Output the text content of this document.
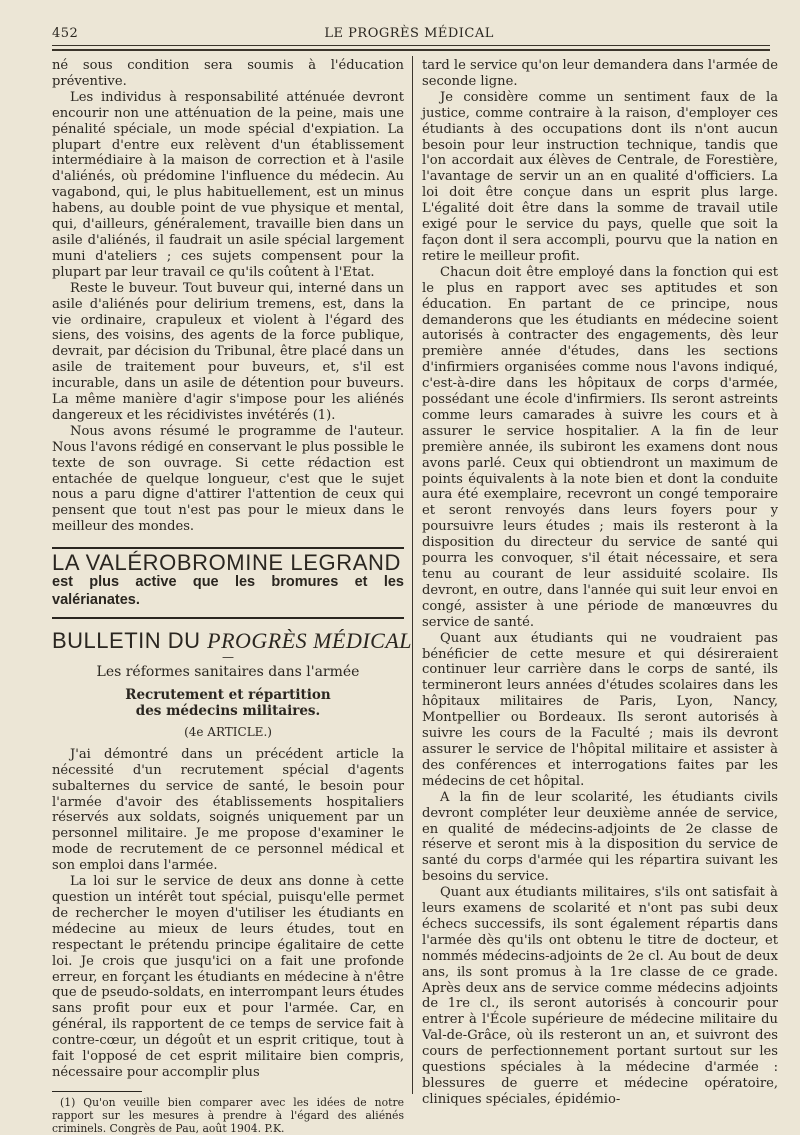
452	LE PROGRÈS MÉDICAL

né sous condition sera soumis à l'éducation préventive.

Les individus à responsabilité atténuée devront encourir non une atténuation de la peine, mais une pénalité spéciale, un mode spécial d'expiation. La plupart d'entre eux relèvent d'un établissement intermédiaire à la maison de correction et à l'asile d'aliénés, où prédomine l'influence du médecin. Au vagabond, qui, le plus habituellement, est un minus habens, au double point de vue physique et mental, qui, d'ailleurs, généralement, travaille bien dans un asile d'aliénés, il faudrait un asile spécial largement muni d'ateliers ; ces sujets compensent pour la plupart par leur travail ce qu'ils coûtent à l'Etat.

Reste le buveur. Tout buveur qui, interné dans un asile d'aliénés pour delirium tremens, est, dans la vie ordinaire, crapuleux et violent à l'égard des siens, des voisins, des agents de la force publique, devrait, par décision du Tribunal, être placé dans un asile de traitement pour buveurs, et, s'il est incurable, dans un asile de détention pour buveurs. La même manière d'agir s'impose pour les aliénés dangereux et les récidivistes invétérés (1).

Nous avons résumé le programme de l'auteur. Nous l'avons rédigé en conservant le plus possible le texte de son ouvrage. Si cette rédaction est entachée de quelque longueur, c'est que le sujet nous a paru digne d'attirer l'attention de ceux qui pensent que tout n'est pas pour le mieux dans le meilleur des mondes.

LA VALÉROBROMINE LEGRAND

est plus active que les bromures et les valérianates.

BULLETIN DU PROGRÈS MÉDICAL
—
Les réformes sanitaires dans l'armée
Recrutement et répartition
des médecins militaires.
(4e ARTICLE.)

J'ai démontré dans un précédent article la nécessité d'un recrutement spécial d'agents subalternes du service de santé, le besoin pour l'armée d'avoir des établissements hospitaliers réservés aux soldats, soignés uniquement par un personnel militaire. Je me propose d'examiner le mode de recrutement de ce personnel médical et son emploi dans l'armée.

La loi sur le service de deux ans donne à cette question un intérêt tout spécial, puisqu'elle permet de rechercher le moyen d'utiliser les étudiants en médecine au mieux de leurs études, tout en respectant le prétendu principe égalitaire de cette loi. Je crois que jusqu'ici on a fait une profonde erreur, en forçant les étudiants en médecine à n'être que de pseudo-soldats, en interrompant leurs études sans profit pour eux et pour l'armée. Car, en général, ils rapportent de ce temps de service fait à contre-cœur, un dégoût et un esprit critique, tout à fait l'opposé de cet esprit militaire bien compris, nécessaire pour accomplir plus

(1) Qu'on veuille bien comparer avec les idées de notre rapport sur les mesures à prendre à l'égard des aliénés criminels. Congrès de Pau, août 1904. P.K.

tard le service qu'on leur demandera dans l'armée de seconde ligne.

Je considère comme un sentiment faux de la justice, comme contraire à la raison, d'employer ces étudiants à des occupations dont ils n'ont aucun besoin pour leur instruction technique, tandis que l'on accordait aux élèves de Centrale, de Forestière, l'avantage de servir un an en qualité d'officiers. La loi doit être conçue dans un esprit plus large. L'égalité doit être dans la somme de travail utile exigé pour le service du pays, quelle que soit la façon dont il sera accompli, pourvu que la nation en retire le meilleur profit.

Chacun doit être employé dans la fonction qui est le plus en rapport avec ses aptitudes et son éducation. En partant de ce principe, nous demanderons que les étudiants en médecine soient autorisés à contracter des engagements, dès leur première année d'études, dans les sections d'infirmiers organisées comme nous l'avons indiqué, c'est-à-dire dans les hôpitaux de corps d'armée, possédant une école d'infirmiers. Ils seront astreints comme leurs camarades à suivre les cours et à assurer le service hospitalier. A la fin de leur première année, ils subiront les examens dont nous avons parlé. Ceux qui obtiendront un maximum de points équivalents à la note bien et dont la conduite aura été exemplaire, recevront un congé temporaire et seront renvoyés dans leurs foyers pour y poursuivre leurs études ; mais ils resteront à la disposition du directeur du service de santé qui pourra les convoquer, s'il était nécessaire, et sera tenu au courant de leur assiduité scolaire. Ils devront, en outre, dans l'année qui suit leur envoi en congé, assister à une période de manœuvres du service de santé.

Quant aux étudiants qui ne voudraient pas bénéficier de cette mesure et qui désireraient continuer leur carrière dans le corps de santé, ils termineront leurs années d'études scolaires dans les hôpitaux militaires de Paris, Lyon, Nancy, Montpellier ou Bordeaux. Ils seront autorisés à suivre les cours de la Faculté ; mais ils devront assurer le service de l'hôpital militaire et assister à des conférences et interrogations faites par les médecins de cet hôpital.

A la fin de leur scolarité, les étudiants civils devront compléter leur deuxième année de service, en qualité de médecins-adjoints de 2e classe de réserve et seront mis à la disposition du service de santé du corps d'armée qui les répartira suivant les besoins du service.

Quant aux étudiants militaires, s'ils ont satisfait à leurs examens de scolarité et n'ont pas subi deux échecs successifs, ils sont également répartis dans l'armée dès qu'ils ont obtenu le titre de docteur, et nommés médecins-adjoints de 2e cl. Au bout de deux ans, ils sont promus à la 1re classe de ce grade. Après deux ans de service comme médecins adjoints de 1re cl., ils seront autorisés à concourir pour entrer à l'École supérieure de médecine militaire du Val-de-Grâce, où ils resteront un an, et suivront des cours de perfectionnement portant surtout sur les questions spéciales à la médecine d'armée : blessures de guerre et médecine opératoire, cliniques spéciales, épidémio-
